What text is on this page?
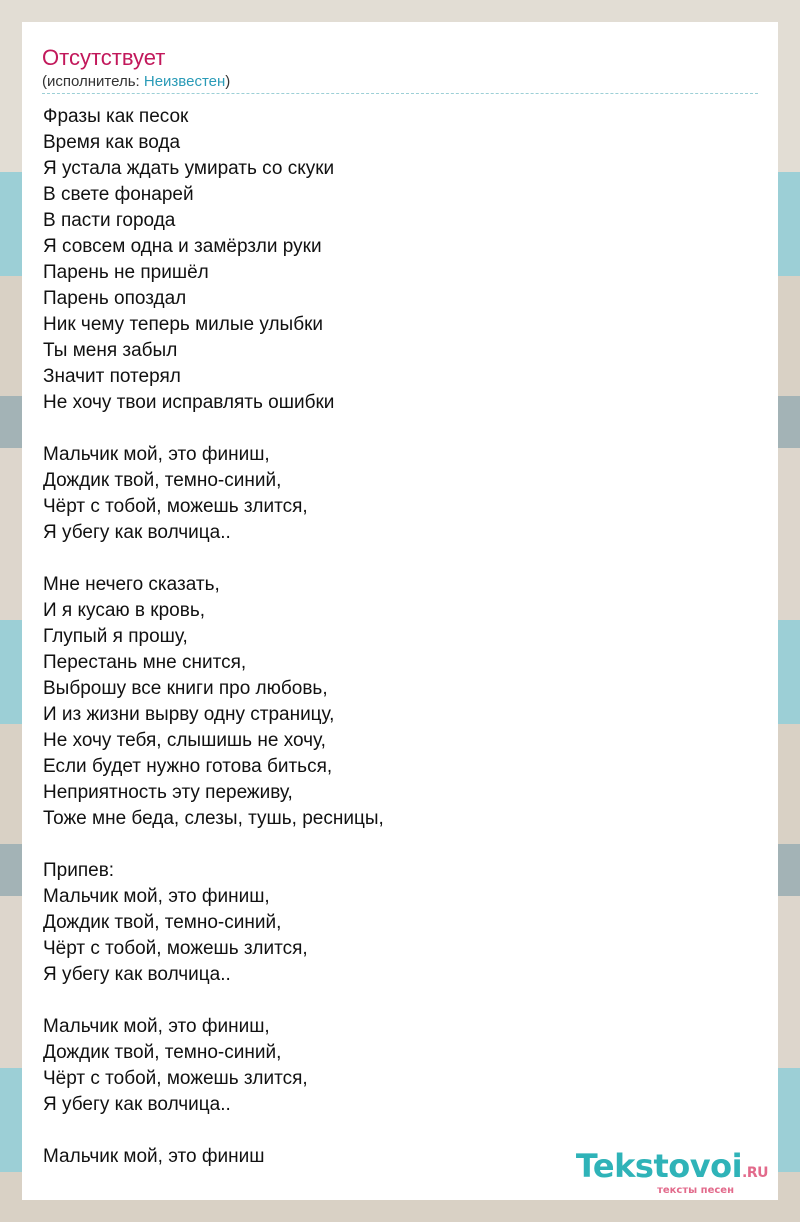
Отсутствует
(исполнитель: Неизвестен)
Фразы как песок
Время как вода
Я устала ждать умирать со скуки
В свете фонарей
В пасти города
Я совсем одна и замёрзли руки
Парень не пришёл
Парень опоздал
Ник чему теперь милые улыбки
Ты меня забыл
Значит потерял
Не хочу твои исправлять ошибки
Мальчик мой, это финиш,
Дождик твой, темно-синий,
Чёрт с тобой, можешь злится,
Я убегу как волчица..
Мне нечего сказать,
И я кусаю в кровь,
Глупый я прошу,
Перестань мне снится,
Выброшу все книги про любовь,
И из жизни вырву одну страницу,
Не хочу тебя, слышишь не хочу,
Если будет нужно готова биться,
Неприятность эту переживу,
Тоже мне беда, слезы, тушь, ресницы,
Припев:
Мальчик мой, это финиш,
Дождик твой, темно-синий,
Чёрт с тобой, можешь злится,
Я убегу как волчица..
Мальчик мой, это финиш,
Дождик твой, темно-синий,
Чёрт с тобой, можешь злится,
Я убегу как волчица..
Мальчик мой, это финиш	Tekstovoi.RU
тексты песен
